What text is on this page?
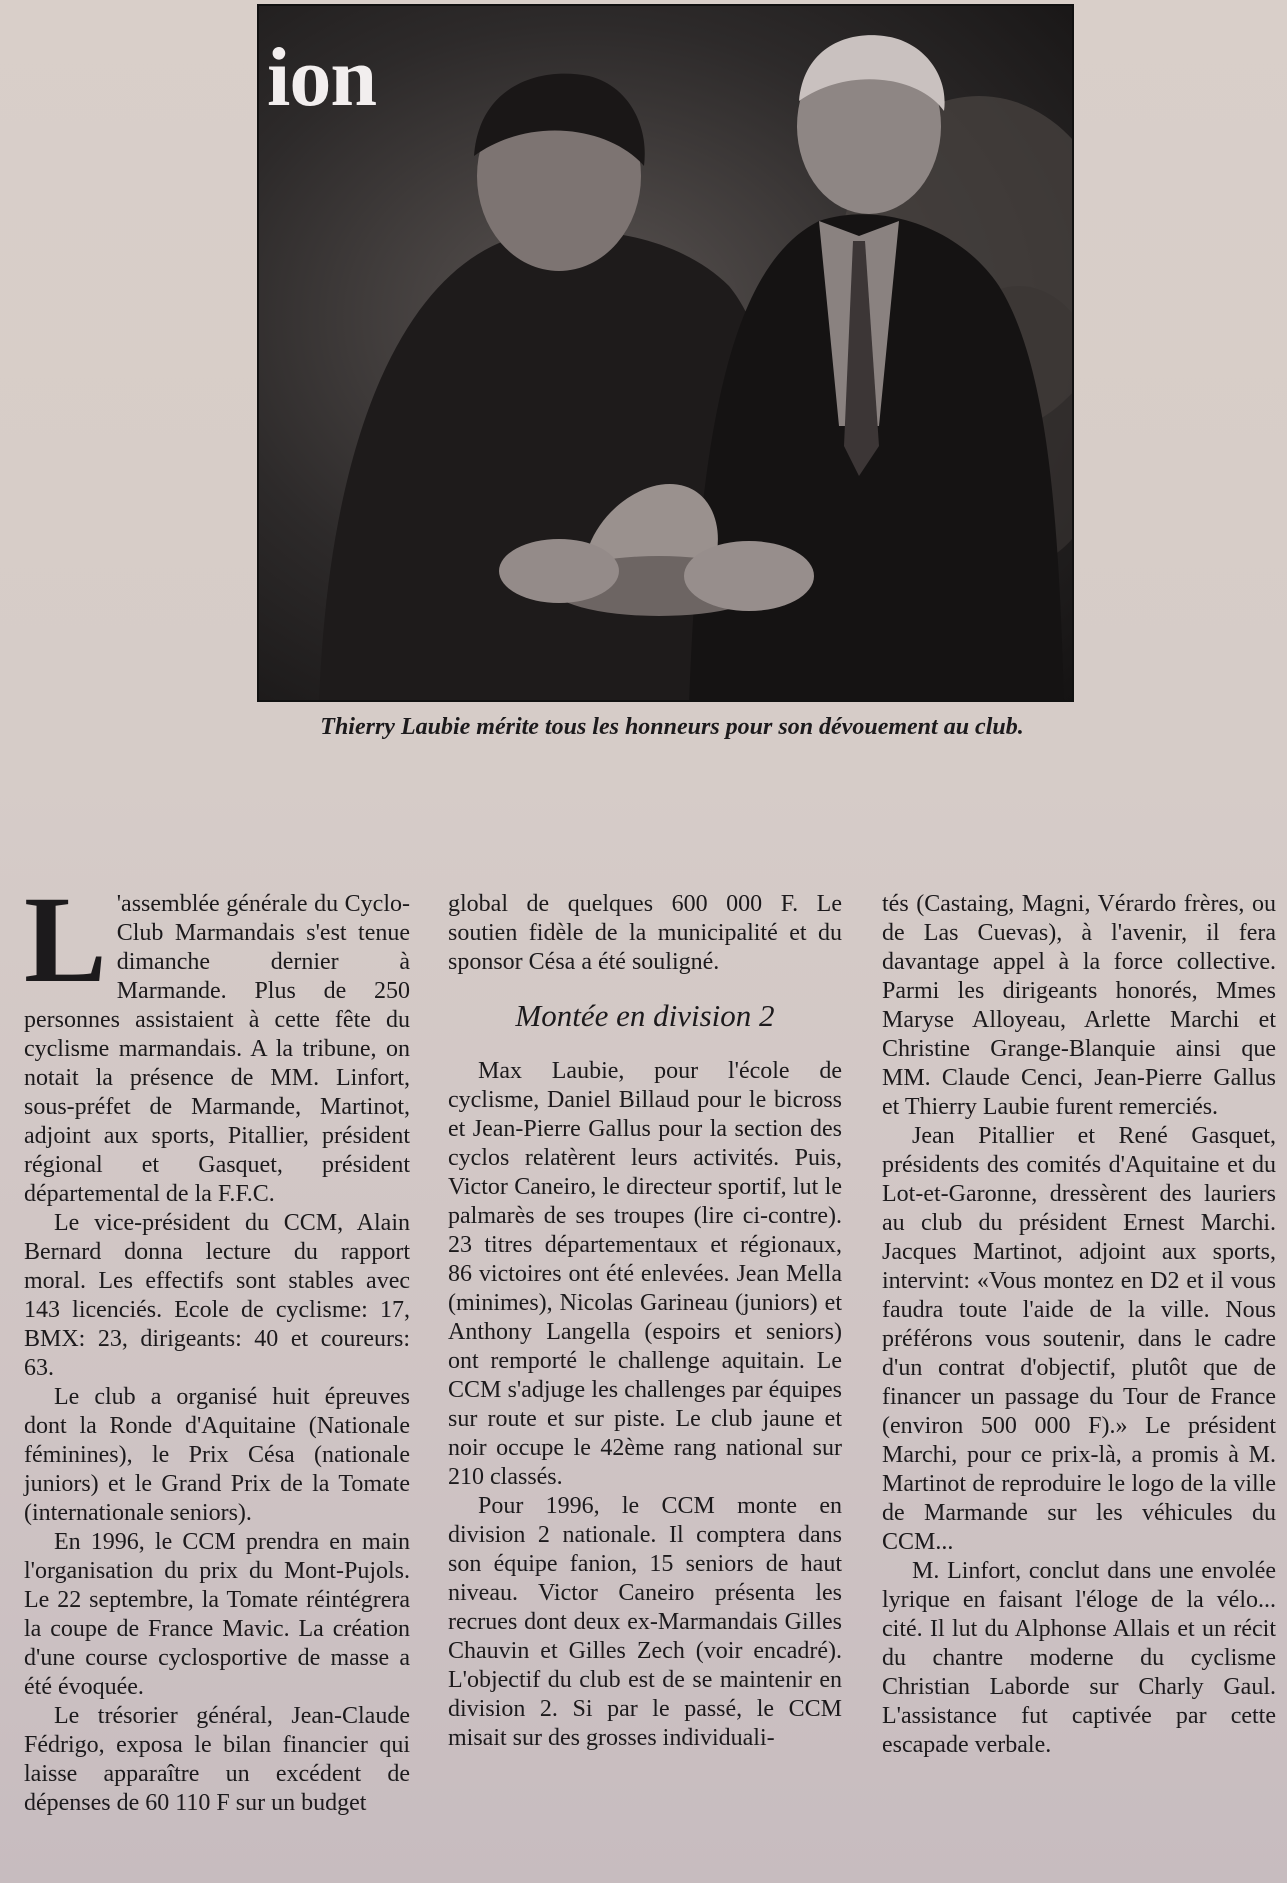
ion
Thierry Laubie mérite tous les honneurs pour son dévouement au club.

L 'assemblée générale du Cyclo-Club Marmandais s'est tenue dimanche dernier à Marmande. Plus de 250 personnes assistaient à cette fête du cyclisme marmandais. A la tribune, on notait la présence de MM. Linfort, sous-préfet de Marmande, Martinot, adjoint aux sports, Pitallier, président régional et Gasquet, président départemental de la F.F.C.

Le vice-président du CCM, Alain Bernard donna lecture du rapport moral. Les effectifs sont stables avec 143 licenciés. Ecole de cyclisme: 17, BMX: 23, dirigeants: 40 et coureurs: 63.

Le club a organisé huit épreuves dont la Ronde d'Aquitaine (Nationale féminines), le Prix Césa (nationale juniors) et le Grand Prix de la Tomate (internationale seniors).

En 1996, le CCM prendra en main l'organisation du prix du Mont-Pujols. Le 22 septembre, la Tomate réintégrera la coupe de France Mavic. La création d'une course cyclosportive de masse a été évoquée.

Le trésorier général, Jean-Claude Fédrigo, exposa le bilan financier qui laisse apparaître un excédent de dépenses de 60 110 F sur un budget

global de quelques 600 000 F. Le soutien fidèle de la municipalité et du sponsor Césa a été souligné.

Montée en division 2

Max Laubie, pour l'école de cyclisme, Daniel Billaud pour le bicross et Jean-Pierre Gallus pour la section des cyclos relatèrent leurs activités. Puis, Victor Caneiro, le directeur sportif, lut le palmarès de ses troupes (lire ci-contre). 23 titres départementaux et régionaux, 86 victoires ont été enlevées. Jean Mella (minimes), Nicolas Garineau (juniors) et Anthony Langella (espoirs et seniors) ont remporté le challenge aquitain. Le CCM s'adjuge les challenges par équipes sur route et sur piste. Le club jaune et noir occupe le 42ème rang national sur 210 classés.

Pour 1996, le CCM monte en division 2 nationale. Il comptera dans son équipe fanion, 15 seniors de haut niveau. Victor Caneiro présenta les recrues dont deux ex-Marmandais Gilles Chauvin et Gilles Zech (voir encadré). L'objectif du club est de se maintenir en division 2. Si par le passé, le CCM misait sur des grosses individuali-

tés (Castaing, Magni, Vérardo frères, ou de Las Cuevas), à l'avenir, il fera davantage appel à la force collective. Parmi les dirigeants honorés, Mmes Maryse Alloyeau, Arlette Marchi et Christine Grange-Blanquie ainsi que MM. Claude Cenci, Jean-Pierre Gallus et Thierry Laubie furent remerciés.

Jean Pitallier et René Gasquet, présidents des comités d'Aquitaine et du Lot-et-Garonne, dressèrent des lauriers au club du président Ernest Marchi. Jacques Martinot, adjoint aux sports, intervint: «Vous montez en D2 et il vous faudra toute l'aide de la ville. Nous préférons vous soutenir, dans le cadre d'un contrat d'objectif, plutôt que de financer un passage du Tour de France (environ 500 000 F).» Le président Marchi, pour ce prix-là, a promis à M. Martinot de reproduire le logo de la ville de Marmande sur les véhicules du CCM...

M. Linfort, conclut dans une envolée lyrique en faisant l'éloge de la vélo... cité. Il lut du Alphonse Allais et un récit du chantre moderne du cyclisme Christian Laborde sur Charly Gaul. L'assistance fut captivée par cette escapade verbale.
